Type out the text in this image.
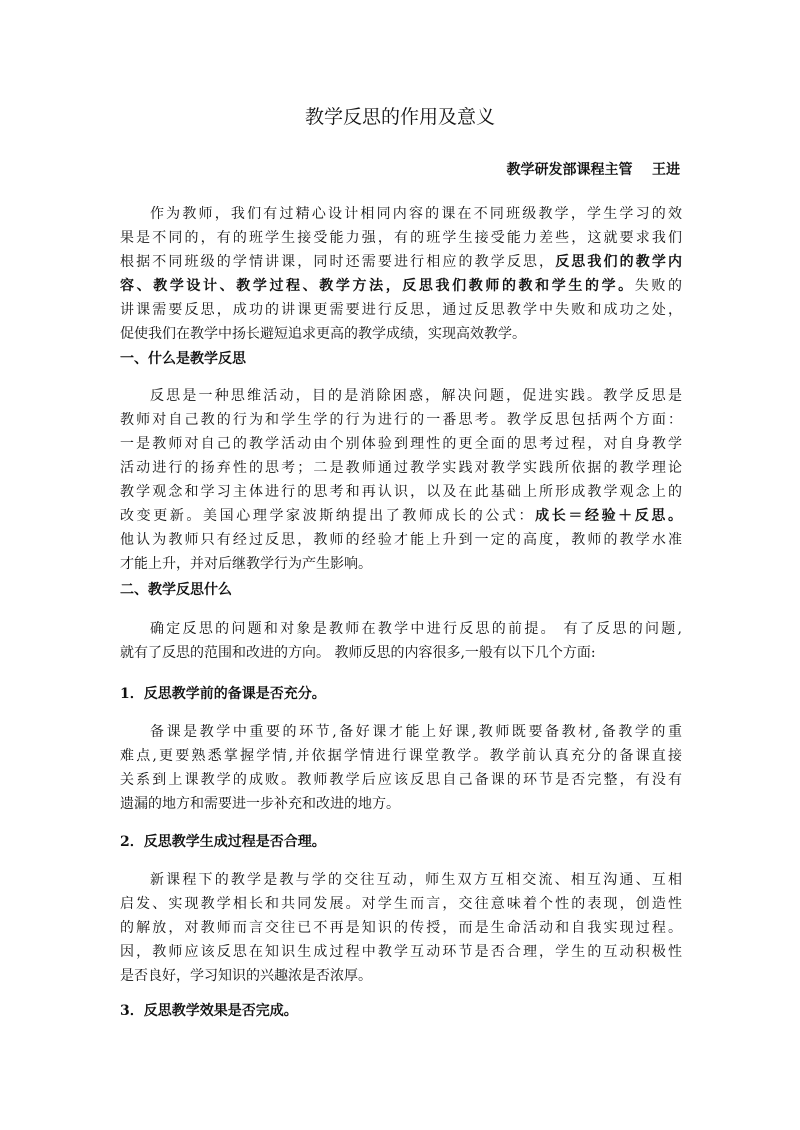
教学反思的作用及意义
教学研发部课程主管    王进
作为教师，我们有过精心设计相同内容的课在不同班级教学，学生学习的效
果是不同的，有的班学生接受能力强，有的班学生接受能力差些，这就要求我们
根据不同班级的学情讲课，同时还需要进行相应的教学反思，反思我们的教学内
容、教学设计、教学过程、教学方法，反思我们教师的教和学生的学。失败的
讲课需要反思，成功的讲课更需要进行反思，通过反思教学中失败和成功之处，
促使我们在教学中扬长避短追求更高的教学成绩，实现高效教学。
一、什么是教学反思
反思是一种思维活动，目的是消除困惑，解决问题，促进实践。教学反思是
教师对自己教的行为和学生学的行为进行的一番思考。教学反思包括两个方面：
一是教师对自己的教学活动由个别体验到理性的更全面的思考过程，对自身教学
活动进行的扬弃性的思考；二是教师通过教学实践对教学实践所依据的教学理论
教学观念和学习主体进行的思考和再认识，以及在此基础上所形成教学观念上的
改变更新。美国心理学家波斯纳提出了教师成长的公式：成长＝经验＋反思。
他认为教师只有经过反思，教师的经验才能上升到一定的高度，教师的教学水准
才能上升，并对后继教学行为产生影响。
二、教学反思什么
确定反思的问题和对象是教师在教学中进行反思的前提。 有了反思的问题,
就有了反思的范围和改进的方向。 教师反思的内容很多,一般有以下几个方面:
1．反思教学前的备课是否充分。
备课是教学中重要的环节,备好课才能上好课,教师既要备教材,备教学的重
难点,更要熟悉掌握学情,并依据学情进行课堂教学。教学前认真充分的备课直接
关系到上课教学的成败。教师教学后应该反思自己备课的环节是否完整，有没有
遗漏的地方和需要进一步补充和改进的地方。
2．反思教学生成过程是否合理。
新课程下的教学是教与学的交往互动，师生双方互相交流、相互沟通、互相
启发、实现教学相长和共同发展。对学生而言，交往意味着个性的表现，创造性
的解放，对教师而言交往已不再是知识的传授，而是生命活动和自我实现过程。
因，教师应该反思在知识生成过程中教学互动环节是否合理，学生的互动积极性
是否良好，学习知识的兴趣浓是否浓厚。
3．反思教学效果是否完成。
